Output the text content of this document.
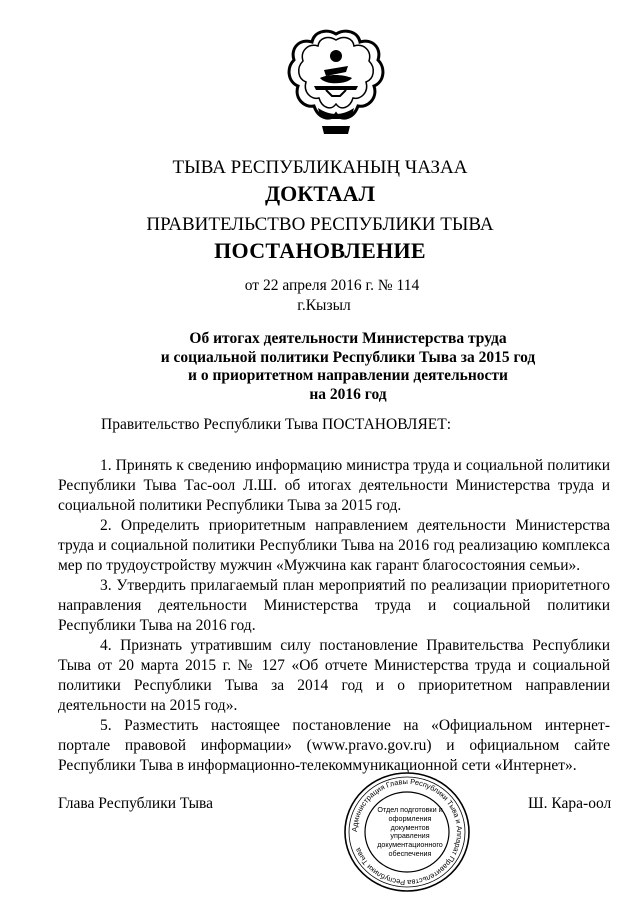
ТЫВА РЕСПУБЛИКАНЫҢ ЧАЗАА
ДОКТААЛ
ПРАВИТЕЛЬСТВО РЕСПУБЛИКИ ТЫВА
ПОСТАНОВЛЕНИЕ
от 22 апреля 2016 г. № 114
г.Кызыл
Об итогах деятельности Министерства труда
и социальной политики Республики Тыва за 2015 год
и о приоритетном направлении деятельности
на 2016 год
Правительство Республики Тыва ПОСТАНОВЛЯЕТ:

1. Принять к сведению информацию министра труда и социальной политики Республики Тыва Тас-оол Л.Ш. об итогах деятельности Министерства труда и социальной политики Республики Тыва за 2015 год.

2. Определить приоритетным направлением деятельности Министерства труда и социальной политики Республики Тыва на 2016 год реализацию комплекса мер по трудоустройству мужчин «Мужчина как гарант благосостояния семьи».

3. Утвердить прилагаемый план мероприятий по реализации приоритетного направления деятельности Министерства труда и социальной политики Республики Тыва на 2016 год.

4. Признать утратившим силу постановление Правительства Республики Тыва от 20 марта 2015 г. № 127 «Об отчете Министерства труда и социальной политики Республики Тыва за 2014 год и о приоритетном направлении деятельности на 2015 год».

5. Разместить настоящее постановление на «Официальном интернет-портале правовой информации» (www.pravo.gov.ru) и официальном сайте Республики Тыва в информационно-телекоммуникационной сети «Интернет».

Глава Республики Тыва
Администрация Главы Республики Тыва и Аппарат Правительства Республики Тыва
Отдел подготовки и оформления документов управления документационного обеспечения
Ш. Кара-оол
